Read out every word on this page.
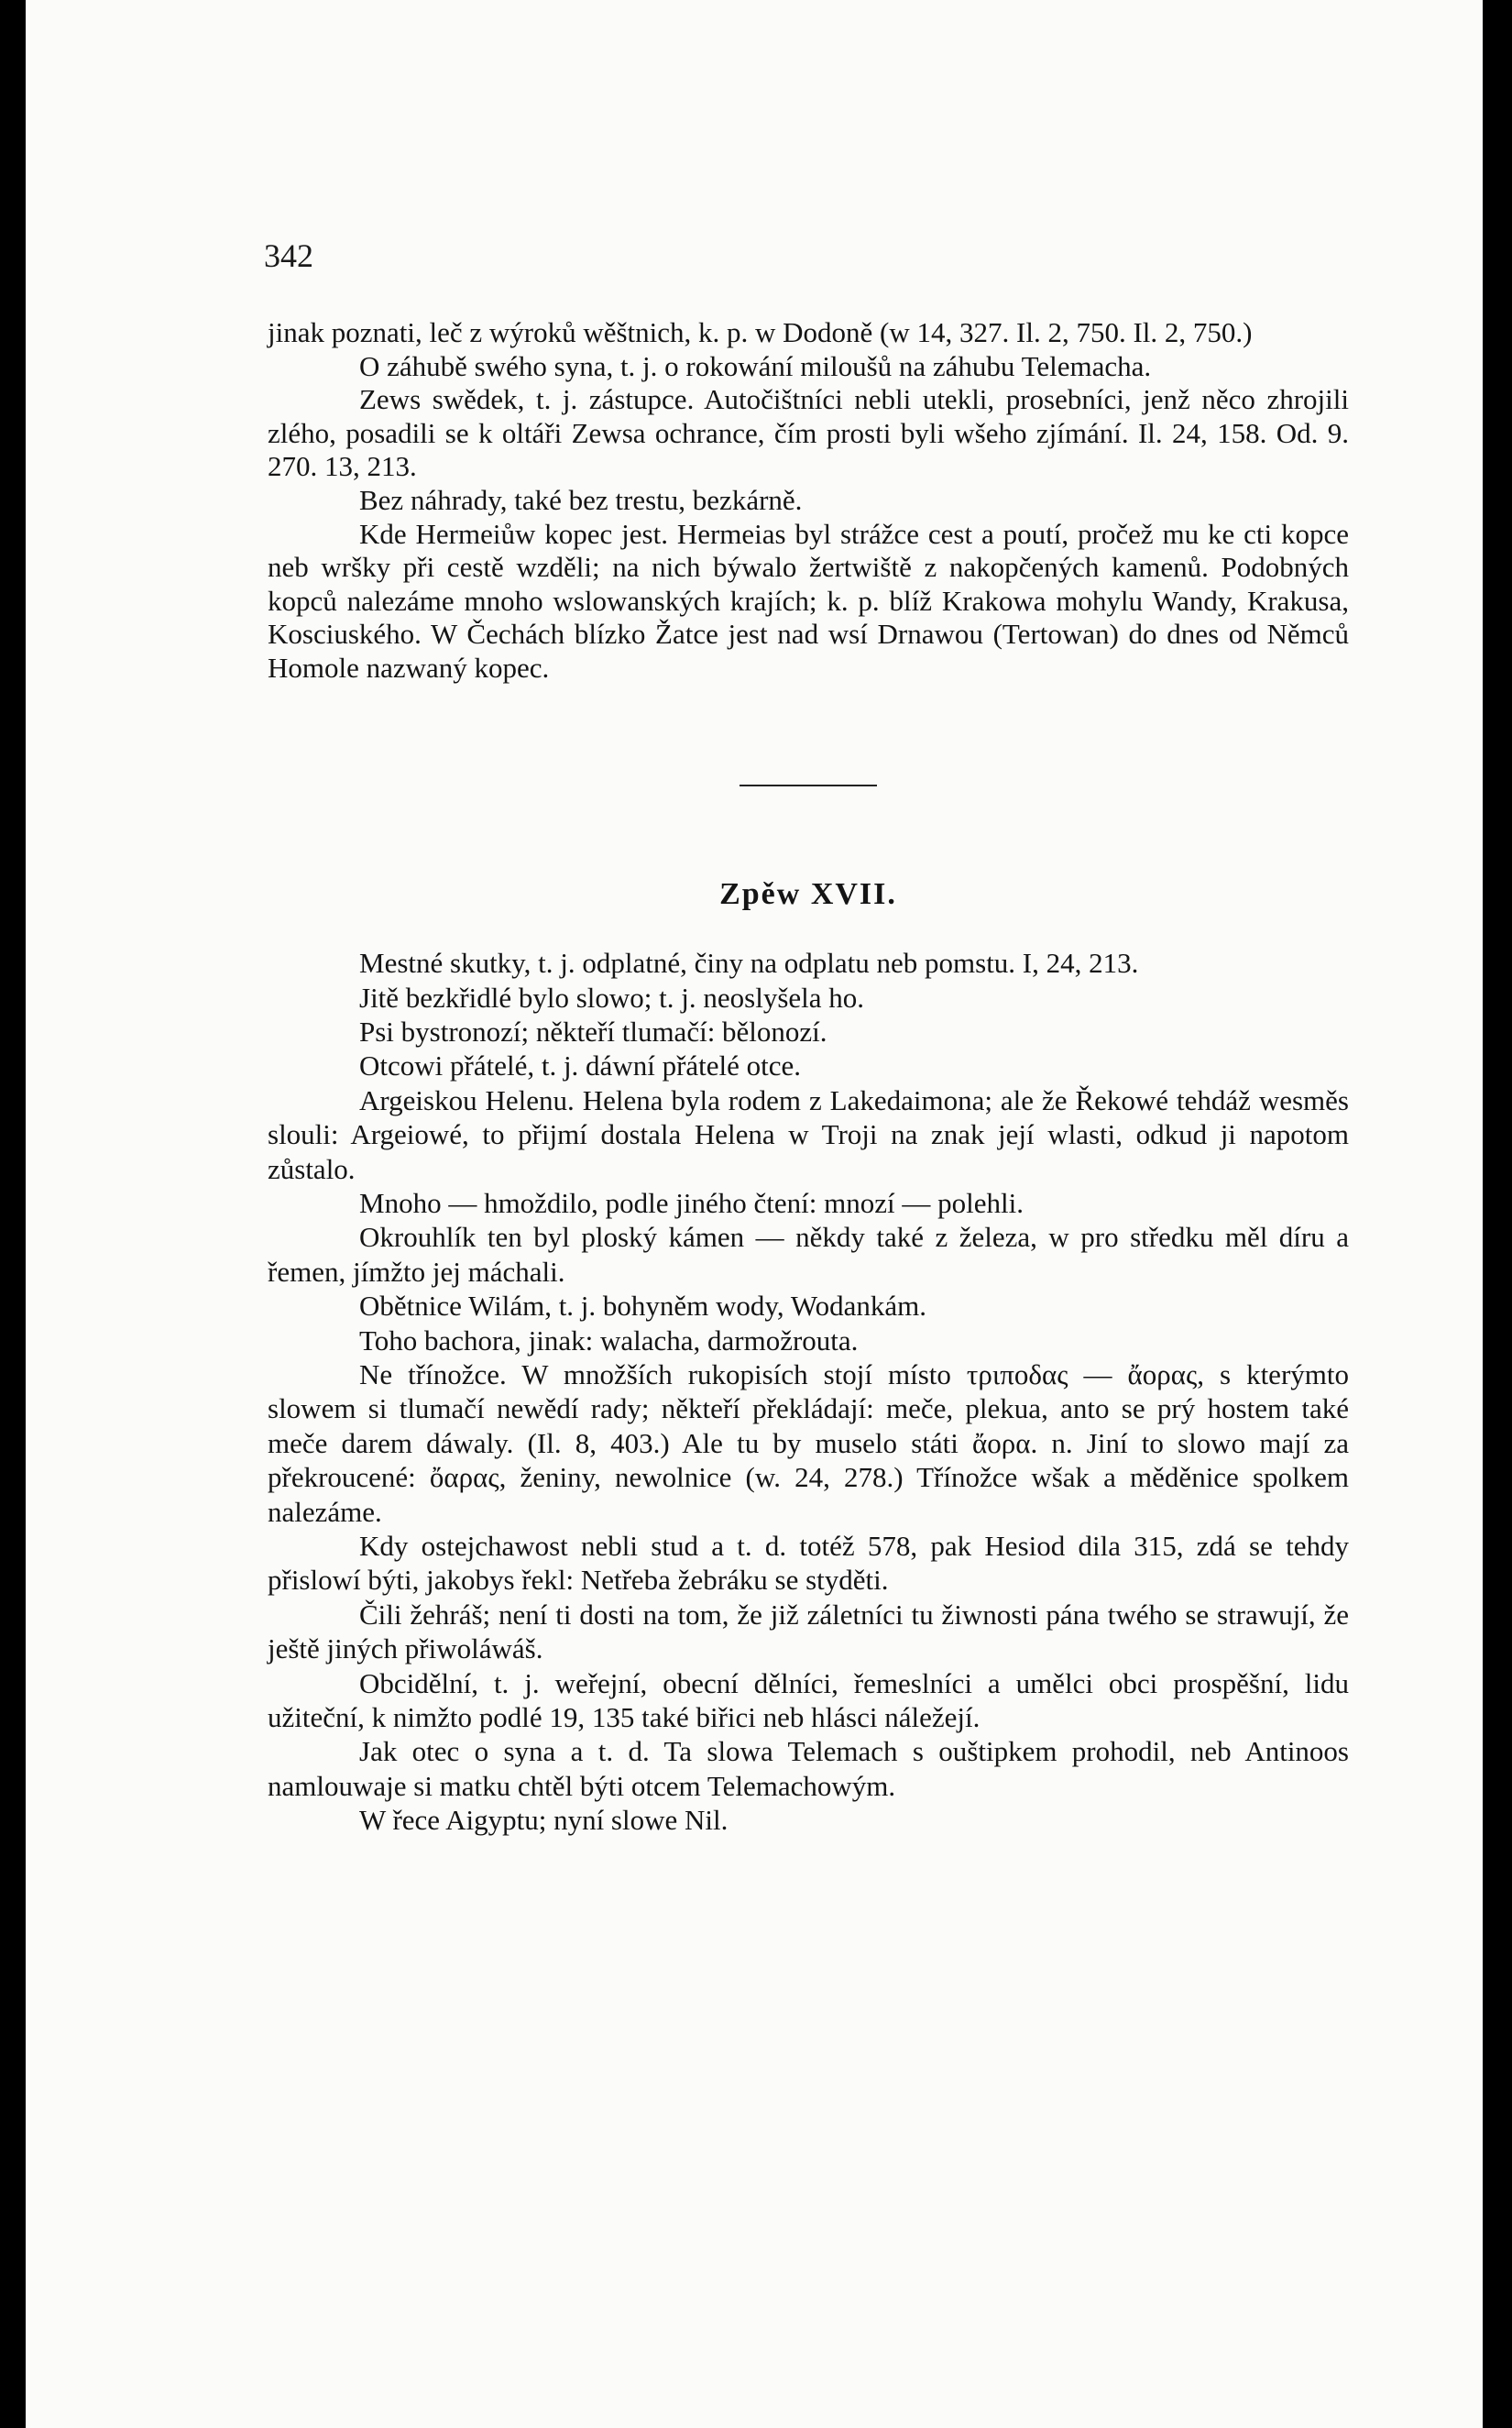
342

jinak poznati, leč z wýroků wěštnich, k. p. w Dodoně (w 14, 327. Il. 2, 750. Il. 2, 750.)

O záhubě swého syna, t. j. o rokowání miloušů na záhubu Telemacha.

Zews swědek, t. j. zástupce. Autočištníci nebli utekli, prosebníci, jenž něco zhrojili zlého, posadili se k oltáři Zewsa ochrance, čím prosti byli wšeho zjímání. Il. 24, 158. Od. 9. 270. 13, 213.

Bez náhrady, také bez trestu, bezkárně.

Kde Hermeiůw kopec jest. Hermeias byl strážce cest a poutí, pročež mu ke cti kopce neb wršky při cestě wzděli; na nich býwalo žertwiště z nakopčených kamenů. Podobných kopců nalezáme mnoho wslowanských krajích; k. p. blíž Krakowa mohylu Wandy, Krakusa, Kosciuského. W Čechách blízko Žatce jest nad wsí Drnawou (Tertowan) do dnes od Němců Homole nazwaný kopec.

Zpěw XVII.

Mestné skutky, t. j. odplatné, činy na odplatu neb pomstu. I, 24, 213.

Jitě bezkřidlé bylo slowo; t. j. neoslyšela ho.

Psi bystronozí; někteří tlumačí: bělonozí.

Otcowi přátelé, t. j. dáwní přátelé otce.

Argeiskou Helenu. Helena byla rodem z Lakedaimona; ale že Řekowé tehdáž wesměs slouli: Argeiowé, to přijmí dostala Helena w Troji na znak její wlasti, odkud ji napotom zůstalo.

Mnoho — hmoždilo, podle jiného čtení: mnozí — polehli.

Okrouhlík ten byl ploský kámen — někdy také z železa, w pro středku měl díru a řemen, jímžto jej máchali.

Obětnice Wilám, t. j. bohyněm wody, Wodankám.

Toho bachora, jinak: walacha, darmožrouta.

Ne třínožce. W množších rukopisích stojí místo τριποδας — ἄορας, s kterýmto slowem si tlumačí newědí rady; někteří překládají: meče, plekua, anto se prý hostem také meče darem dáwaly. (Il. 8, 403.) Ale tu by muselo státi ἄορα. n. Jiní to slowo mají za překroucené: ὄαρας, ženiny, newolnice (w. 24, 278.) Třínožce wšak a měděnice spolkem nalezáme.

Kdy ostejchawost nebli stud a t. d. totéž 578, pak Hesiod dila 315, zdá se tehdy přislowí býti, jakobys řekl: Netřeba žebráku se styděti.

Čili žehráš; není ti dosti na tom, že již záletníci tu žiwnosti pána twého se strawují, že ještě jiných přiwoláwáš.

Obcidělní, t. j. weřejní, obecní dělníci, řemeslníci a umělci obci prospěšní, lidu užiteční, k nimžto podlé 19, 135 také biřici neb hlásci náležejí.

Jak otec o syna a t. d. Ta slowa Telemach s ouštipkem prohodil, neb Antinoos namlouwaje si matku chtěl býti otcem Telemachowým.

W řece Aigyptu; nyní slowe Nil.
